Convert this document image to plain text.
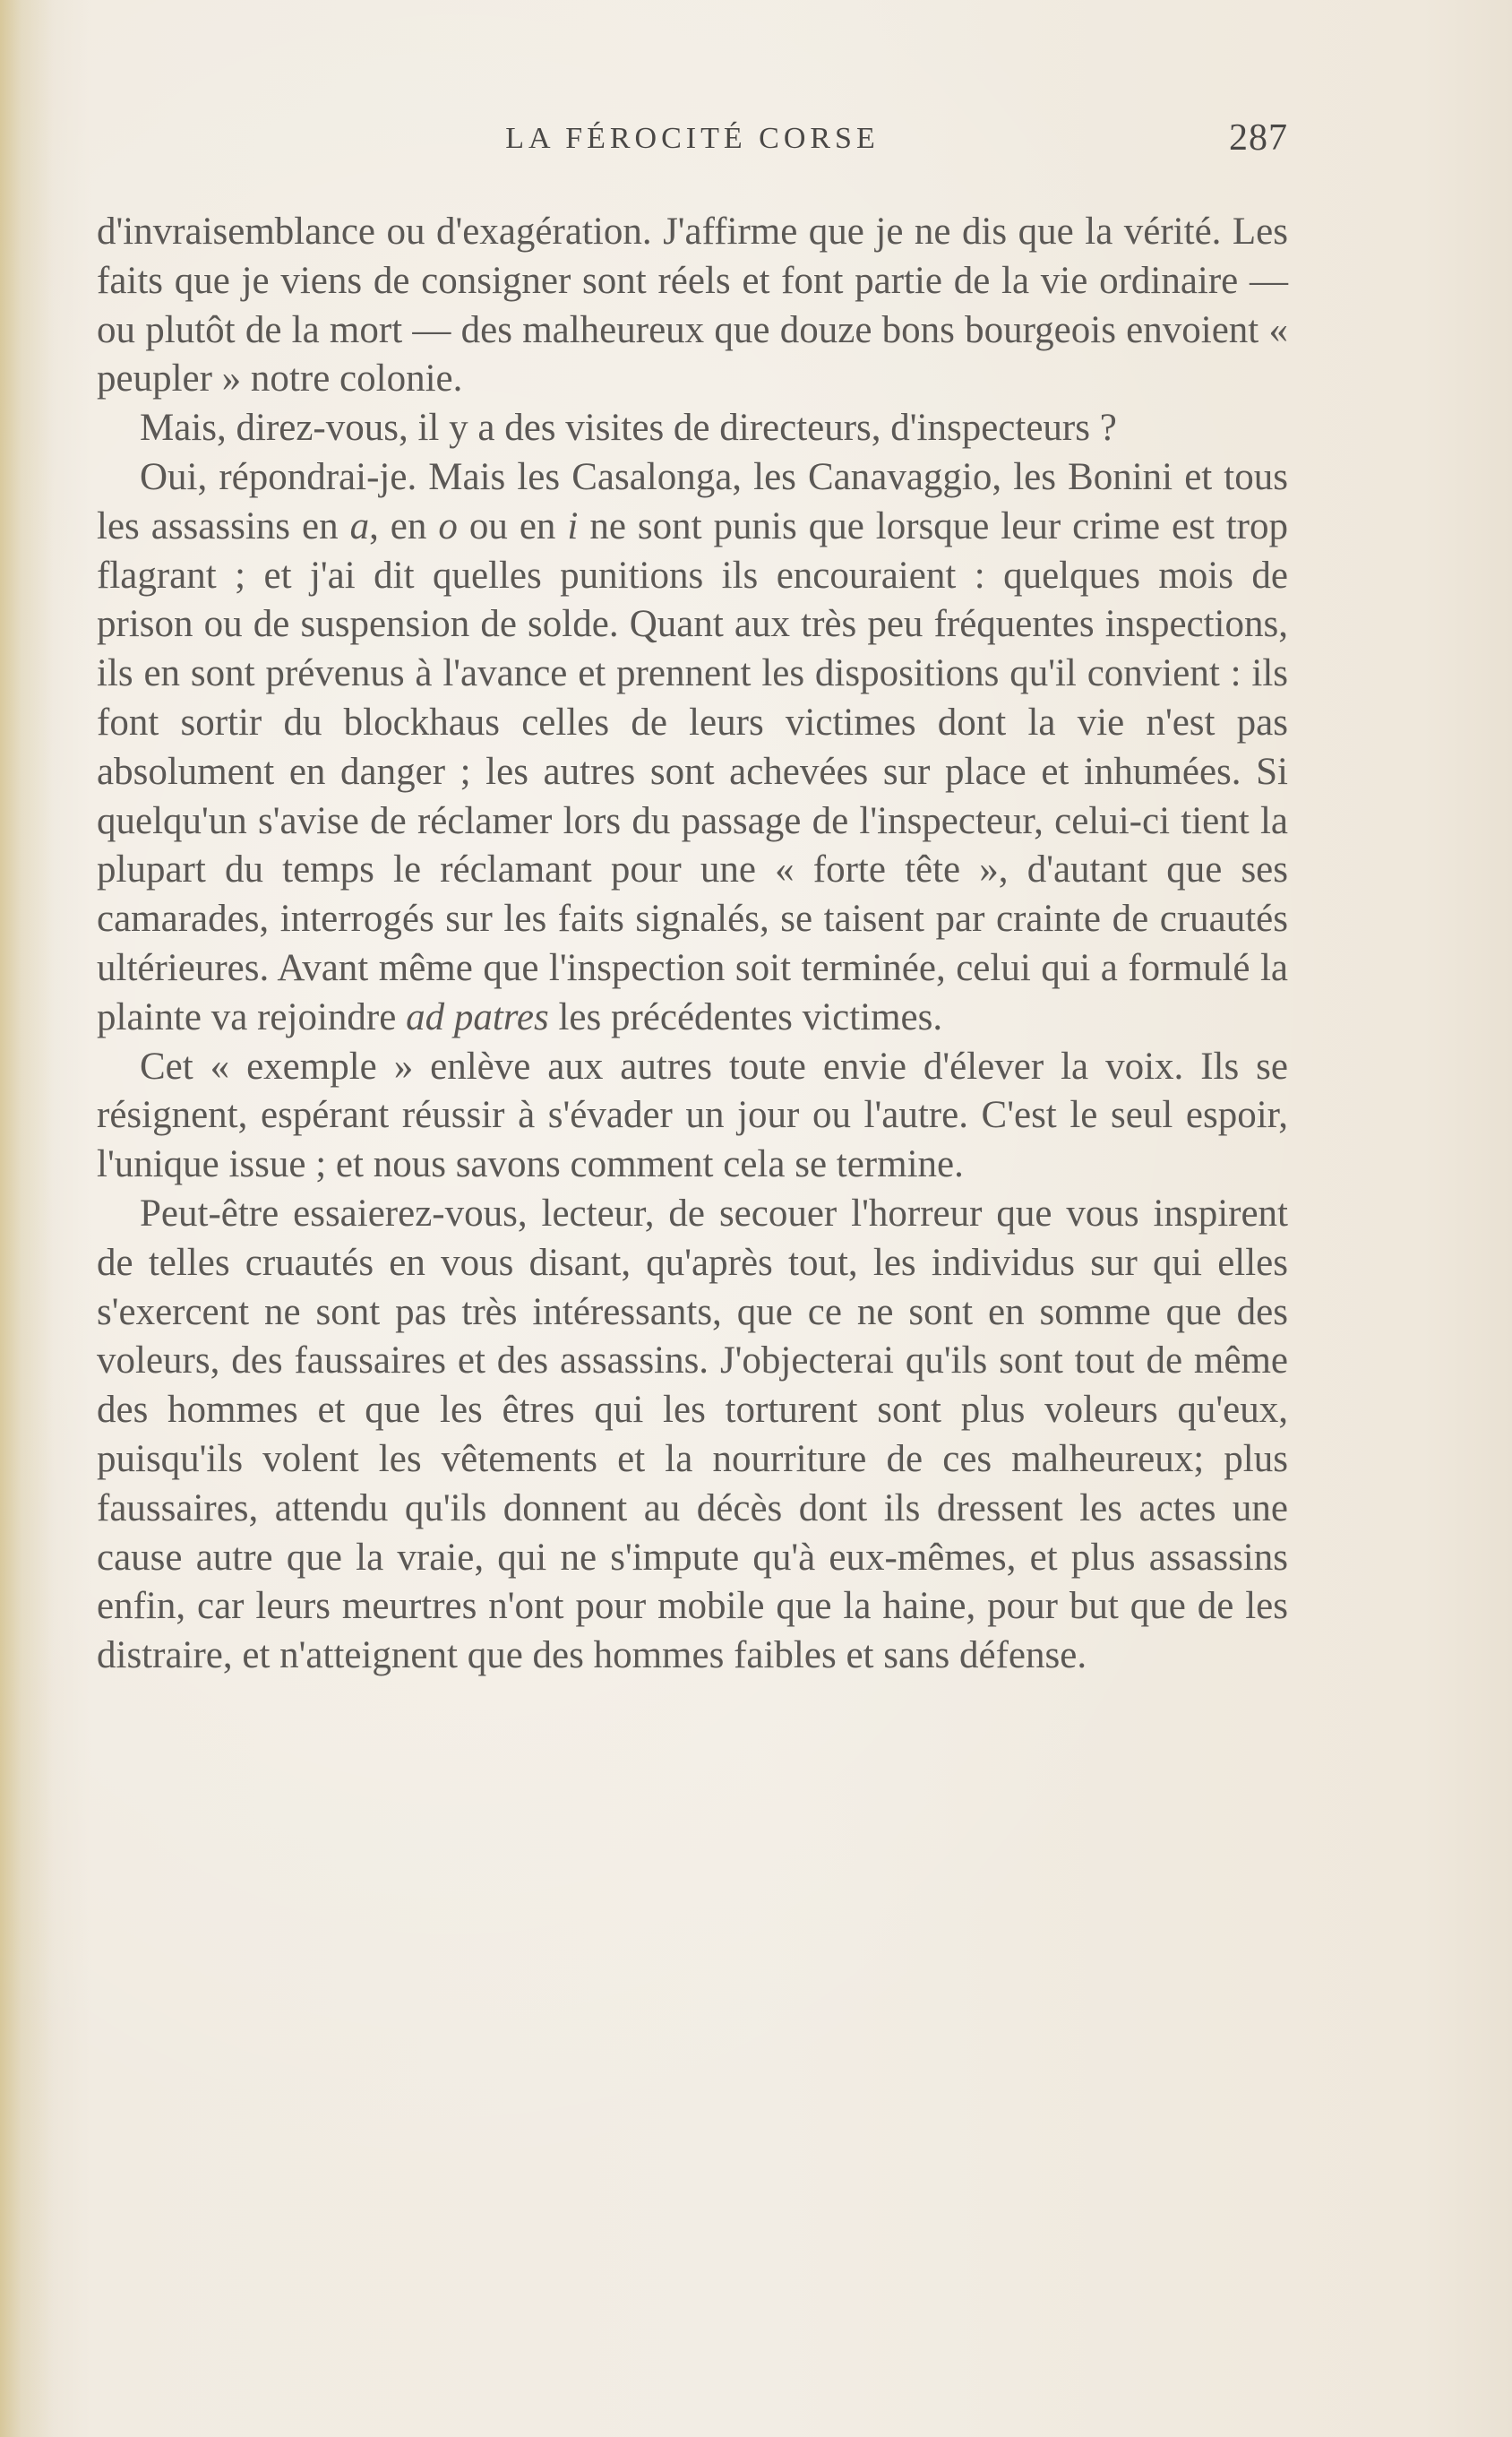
LA FÉROCITÉ CORSE	287

d'invraisemblance ou d'exagération. J'affirme que je ne dis que la vérité. Les faits que je viens de consigner sont réels et font partie de la vie ordinaire — ou plutôt de la mort — des malheureux que douze bons bourgeois envoient « peupler » notre colonie.

Mais, direz-vous, il y a des visites de directeurs, d'inspecteurs ?

Oui, répondrai-je. Mais les Casalonga, les Canavaggio, les Bonini et tous les assassins en a, en o ou en i ne sont punis que lorsque leur crime est trop flagrant ; et j'ai dit quelles punitions ils encouraient : quelques mois de prison ou de suspension de solde. Quant aux très peu fréquentes inspections, ils en sont prévenus à l'avance et prennent les dispositions qu'il convient : ils font sortir du blockhaus celles de leurs victimes dont la vie n'est pas absolument en danger ; les autres sont achevées sur place et inhumées. Si quelqu'un s'avise de réclamer lors du passage de l'inspecteur, celui-ci tient la plupart du temps le réclamant pour une « forte tête », d'autant que ses camarades, interrogés sur les faits signalés, se taisent par crainte de cruautés ultérieures. Avant même que l'inspection soit terminée, celui qui a formulé la plainte va rejoindre ad patres les précédentes victimes.

Cet « exemple » enlève aux autres toute envie d'élever la voix. Ils se résignent, espérant réussir à s'évader un jour ou l'autre. C'est le seul espoir, l'unique issue ; et nous savons comment cela se termine.

Peut-être essaierez-vous, lecteur, de secouer l'horreur que vous inspirent de telles cruautés en vous disant, qu'après tout, les individus sur qui elles s'exercent ne sont pas très intéressants, que ce ne sont en somme que des voleurs, des faussaires et des assassins. J'objecterai qu'ils sont tout de même des hommes et que les êtres qui les torturent sont plus voleurs qu'eux, puisqu'ils volent les vêtements et la nourriture de ces malheureux; plus faussaires, attendu qu'ils donnent au décès dont ils dressent les actes une cause autre que la vraie, qui ne s'impute qu'à eux-mêmes, et plus assassins enfin, car leurs meurtres n'ont pour mobile que la haine, pour but que de les distraire, et n'atteignent que des hommes faibles et sans défense.
